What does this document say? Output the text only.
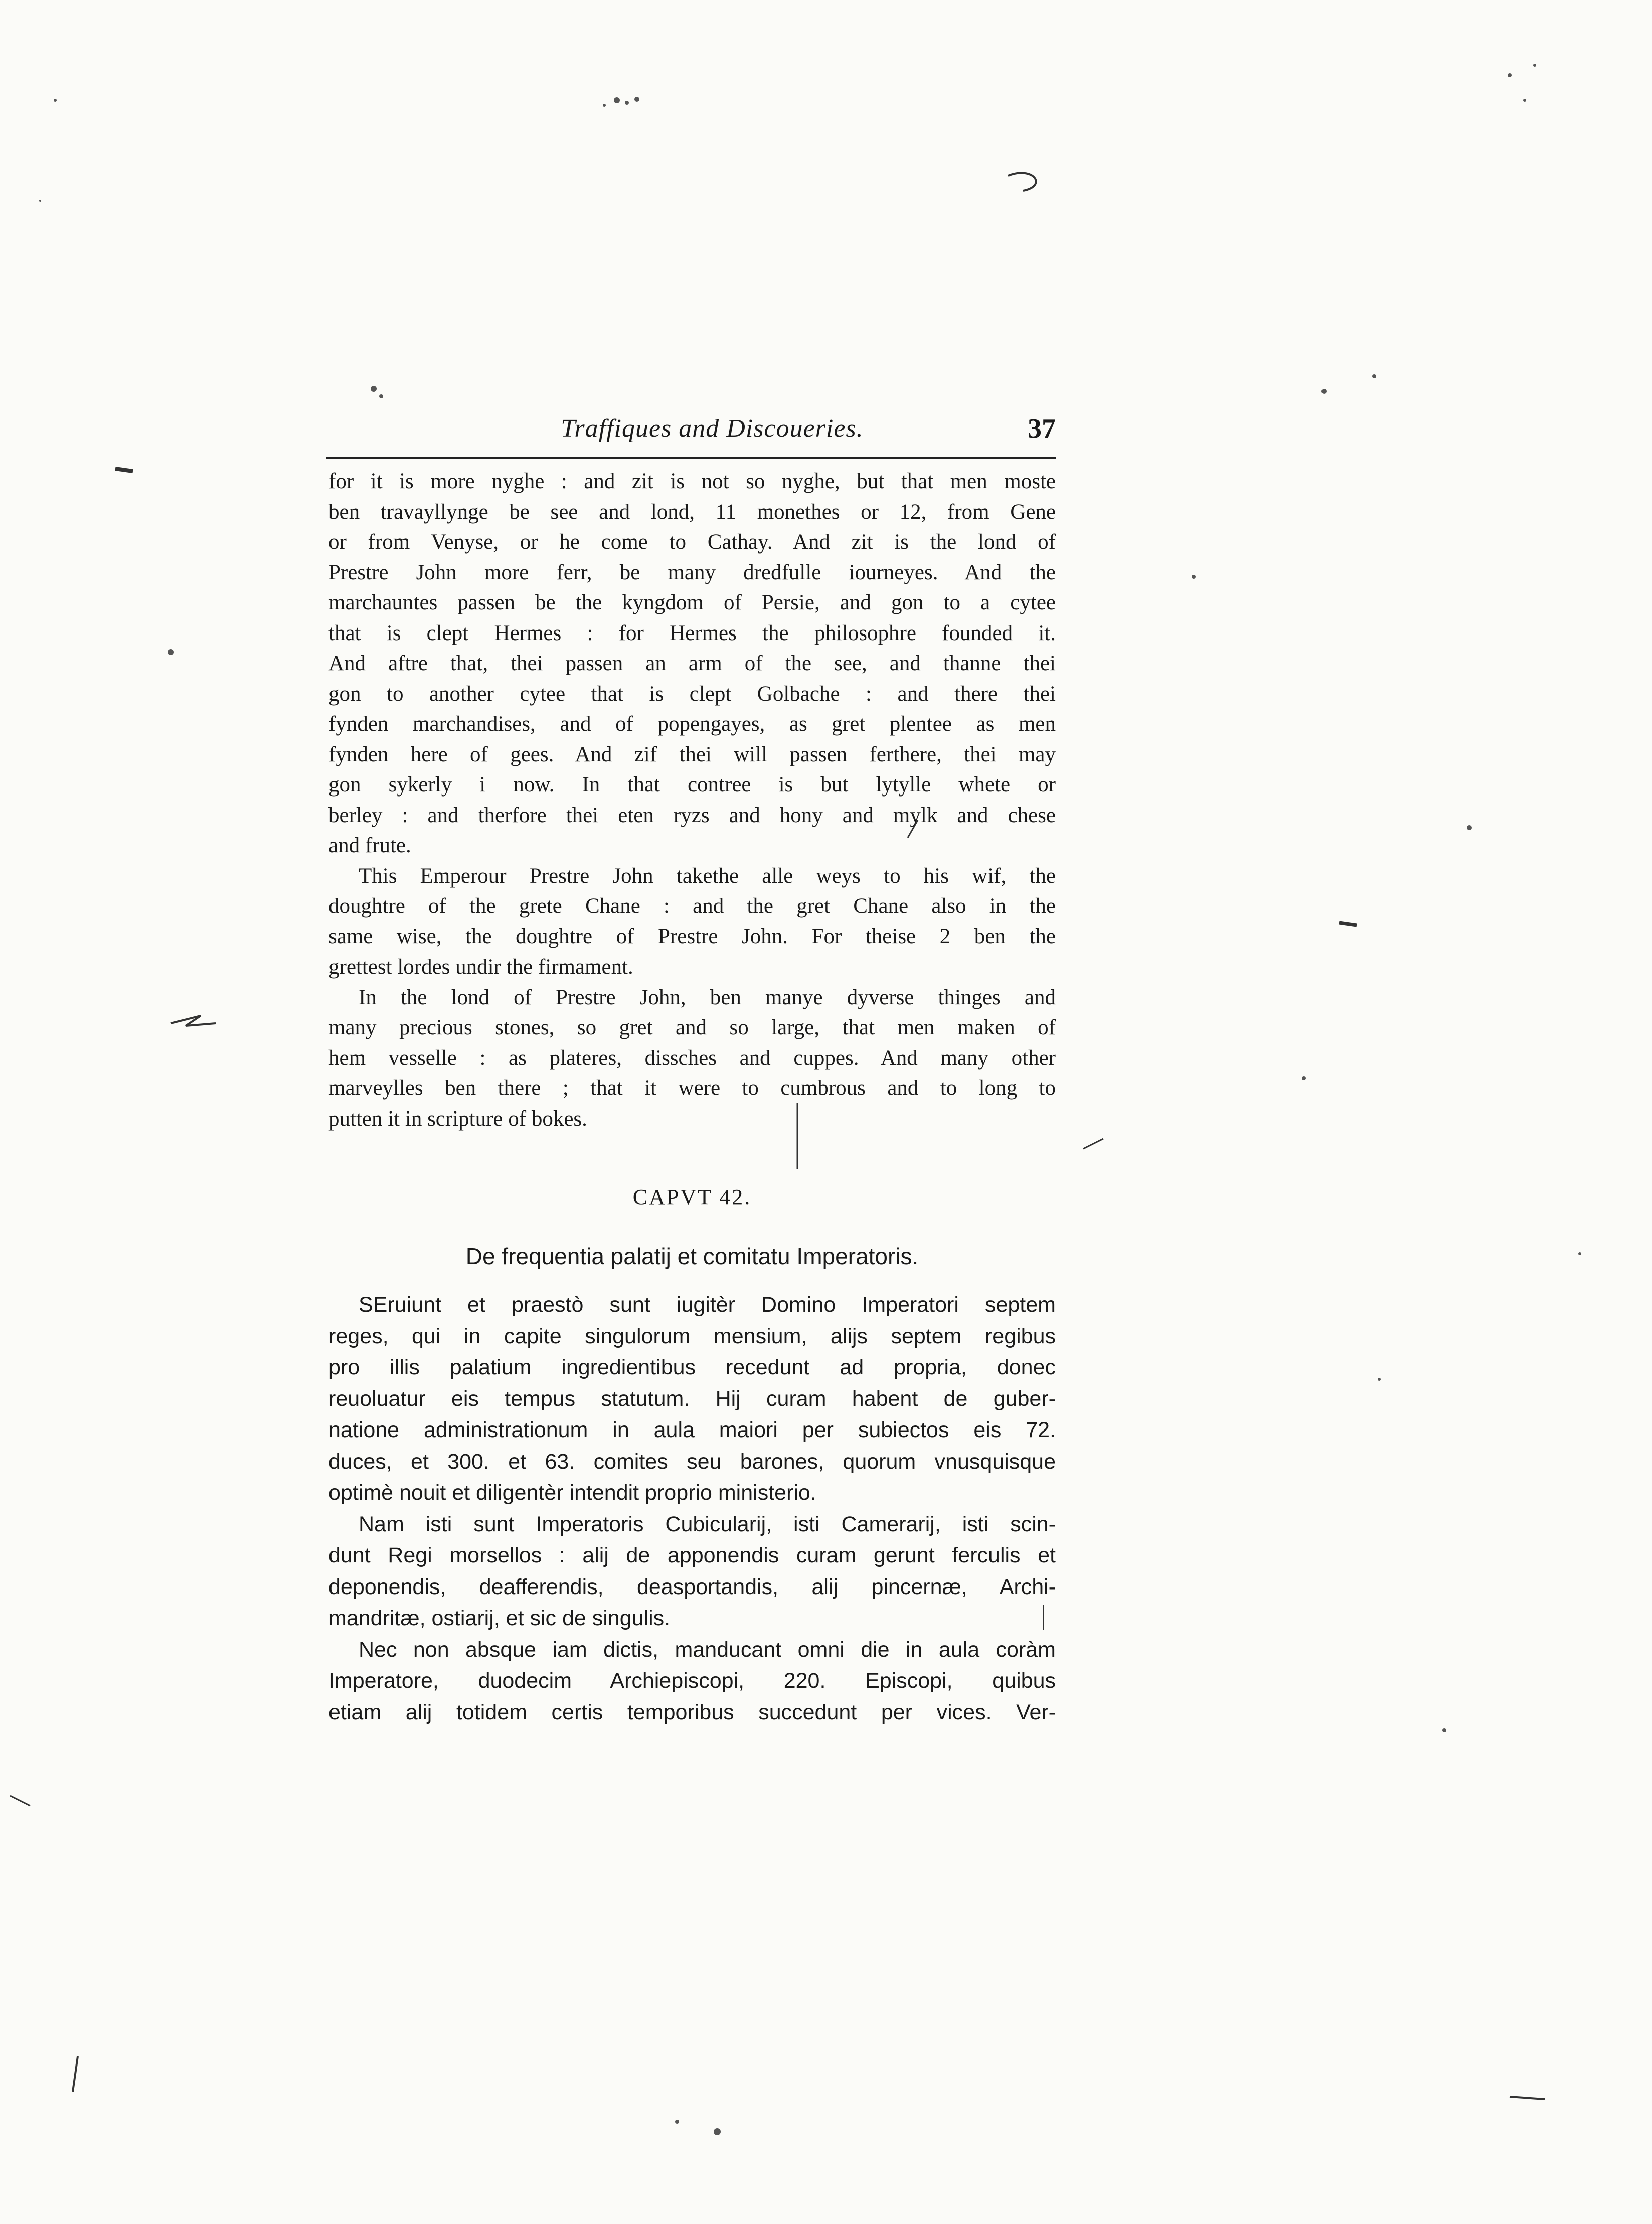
Traffiques and Discoueries.	37
for it is more nyghe : and zit is not so nyghe, but that men moste
ben travayllynge be see and lond, 11 monethes or 12, from Gene
or from Venyse, or he come to Cathay. And zit is the lond of
Prestre John more ferr, be many dredfulle iourneyes. And the
marchauntes passen be the kyngdom of Persie, and gon to a cytee
that is clept Hermes : for Hermes the philosophre founded it.
And aftre that, thei passen an arm of the see, and thanne thei
gon to another cytee that is clept Golbache : and there thei
fynden marchandises, and of popengayes, as gret plentee as men
fynden here of gees. And zif thei will passen ferthere, thei may
gon sykerly i now. In that contree is but lytylle whete or
berley : and therfore thei eten ryzs and hony and mylk and chese
and frute.
This Emperour Prestre John takethe alle weys to his wif, the
doughtre of the grete Chane : and the gret Chane also in the
same wise, the doughtre of Prestre John. For theise 2 ben the
grettest lordes undir the firmament.
In the lond of Prestre John, ben manye dyverse thinges and
many precious stones, so gret and so large, that men maken of
hem vesselle : as plateres, dissches and cuppes. And many other
marveylles ben there ; that it were to cumbrous and to long to
putten it in scripture of bokes.
CAPVT 42.
De frequentia palatij et comitatu Imperatoris.
SEruiunt et praestò sunt iugitèr Domino Imperatori septem
reges, qui in capite singulorum mensium, alijs septem regibus
pro illis palatium ingredientibus recedunt ad propria, donec
reuoluatur eis tempus statutum. Hij curam habent de guber-
natione administrationum in aula maiori per subiectos eis 72.
duces, et 300. et 63. comites seu barones, quorum vnusquisque
optimè nouit et diligentèr intendit proprio ministerio.
Nam isti sunt Imperatoris Cubicularij, isti Camerarij, isti scin-
dunt Regi morsellos : alij de apponendis curam gerunt ferculis et
deponendis, deafferendis, deasportandis, alij pincernæ, Archi-
mandritæ, ostiarij, et sic de singulis.
Nec non absque iam dictis, manducant omni die in aula coràm
Imperatore, duodecim Archiepiscopi, 220. Episcopi, quibus
etiam alij totidem certis temporibus succedunt per vices. Ver-
